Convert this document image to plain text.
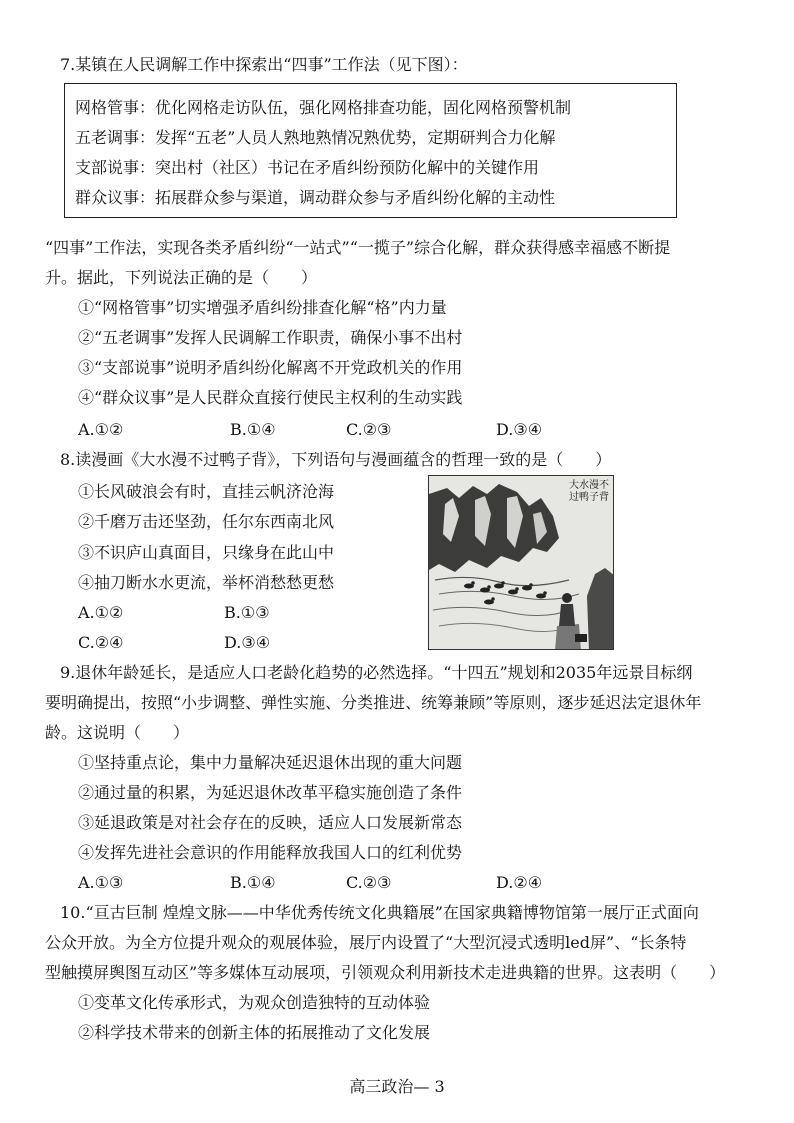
7.某镇在人民调解工作中探索出“四事”工作法（见下图）：
网格管事：优化网格走访队伍，强化网格排查功能，固化网格预警机制
五老调事：发挥“五老”人员人熟地熟情况熟优势，定期研判合力化解
支部说事：突出村（社区）书记在矛盾纠纷预防化解中的关键作用
群众议事：拓展群众参与渠道，调动群众参与矛盾纠纷化解的主动性
“四事”工作法，实现各类矛盾纠纷“一站式”“一揽子”综合化解，群众获得感幸福感不断提
升。据此，下列说法正确的是（　　）
①“网格管事”切实增强矛盾纠纷排查化解“格”内力量
②“五老调事”发挥人民调解工作职责，确保小事不出村
③“支部说事”说明矛盾纠纷化解离不开党政机关的作用
④“群众议事”是人民群众直接行使民主权利的生动实践
A.①②	B.①④	C.②③	D.③④
8.读漫画《大水漫不过鸭子背》，下列语句与漫画蕴含的哲理一致的是（　　）
①长风破浪会有时，直挂云帆济沧海
②千磨万击还坚劲，任尔东西南北风
③不识庐山真面目，只缘身在此山中
④抽刀断水水更流，举杯消愁愁更愁
A.①②	B.①③
C.②④	D.③④
大水漫不过鸭子背
9.退休年龄延长，是适应人口老龄化趋势的必然选择。“十四五”规划和2035年远景目标纲
要明确提出，按照“小步调整、弹性实施、分类推进、统筹兼顾”等原则，逐步延迟法定退休年
龄。这说明（　　）
①坚持重点论，集中力量解决延迟退休出现的重大问题
②通过量的积累，为延迟退休改革平稳实施创造了条件
③延退政策是对社会存在的反映，适应人口发展新常态
④发挥先进社会意识的作用能释放我国人口的红利优势
A.①③	B.①④	C.②③	D.②④
10.“亘古巨制 煌煌文脉——中华优秀传统文化典籍展”在国家典籍博物馆第一展厅正式面向
公众开放。为全方位提升观众的观展体验，展厅内设置了“大型沉浸式透明led屏”、“长条特
型触摸屏舆图互动区”等多媒体互动展项，引领观众利用新技术走进典籍的世界。这表明（　　）
①变革文化传承形式，为观众创造独特的互动体验
②科学技术带来的创新主体的拓展推动了文化发展
高三政治— 3
